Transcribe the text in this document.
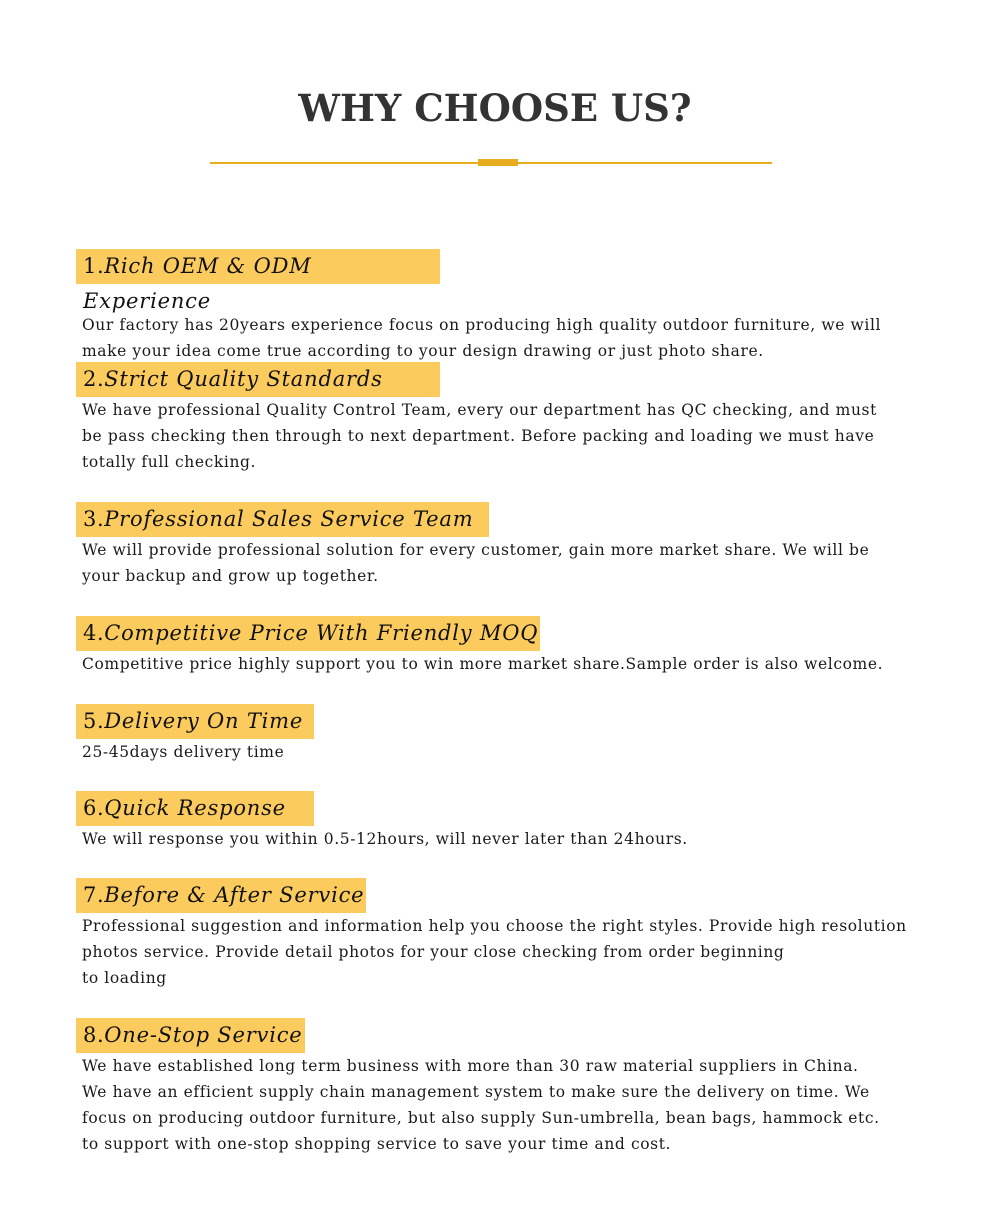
WHY CHOOSE US?
1.Rich OEM & ODM Experience

Our factory has 20years experience focus on producing high quality outdoor furniture, we will
make your idea come true according to your design drawing or just photo share.

2.Strict Quality Standards

We have professional Quality Control Team, every our department has QC checking, and must
be pass checking then through to next department. Before packing and loading we must have
totally full checking.

3.Professional Sales Service Team

We will provide professional solution for every customer, gain more market share. We will be
your backup and grow up together.

4.Competitive Price With Friendly MOQ

Competitive price highly support you to win more market share.Sample order is also welcome.

5.Delivery On Time

25-45days delivery time

6.Quick Response

We will response you within 0.5-12hours, will never later than 24hours.

7.Before & After Service

Professional suggestion and information help you choose the right styles. Provide high resolution
photos service. Provide detail photos for your close checking from order beginning
to loading

8.One-Stop Service

We have established long term business with more than 30 raw material suppliers in China.
We have an efficient supply chain management system to make sure the delivery on time. We
focus on producing outdoor furniture, but also supply Sun-umbrella, bean bags, hammock etc.
to support with one-stop shopping service to save your time and cost.
